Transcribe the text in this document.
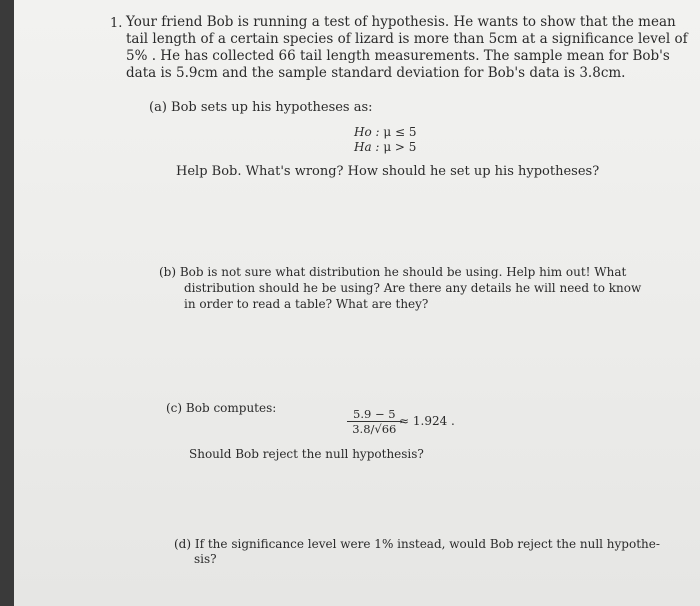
1. Your friend Bob is running a test of hypothesis. He wants to show that the mean
tail length of a certain species of lizard is more than 5cm at a significance level of
5% . He has collected 66 tail length measurements. The sample mean for Bob's
data is 5.9cm and the sample standard deviation for Bob's data is 3.8cm.
(a) Bob sets up his hypotheses as:
Ho : μ ≤ 5
Ha : μ > 5
Help Bob. What's wrong? How should he set up his hypotheses?
(b) Bob is not sure what distribution he should be using. Help him out! What
distribution should he be using? Are there any details he will need to know
in order to read a table? What are they?
(c) Bob computes:	$\frac{5.9 - 5}{3.8/√66}$
≈ 1.924 .
Should Bob reject the null hypothesis?
(d) If the significance level were 1% instead, would Bob reject the null hypothe-
sis?
